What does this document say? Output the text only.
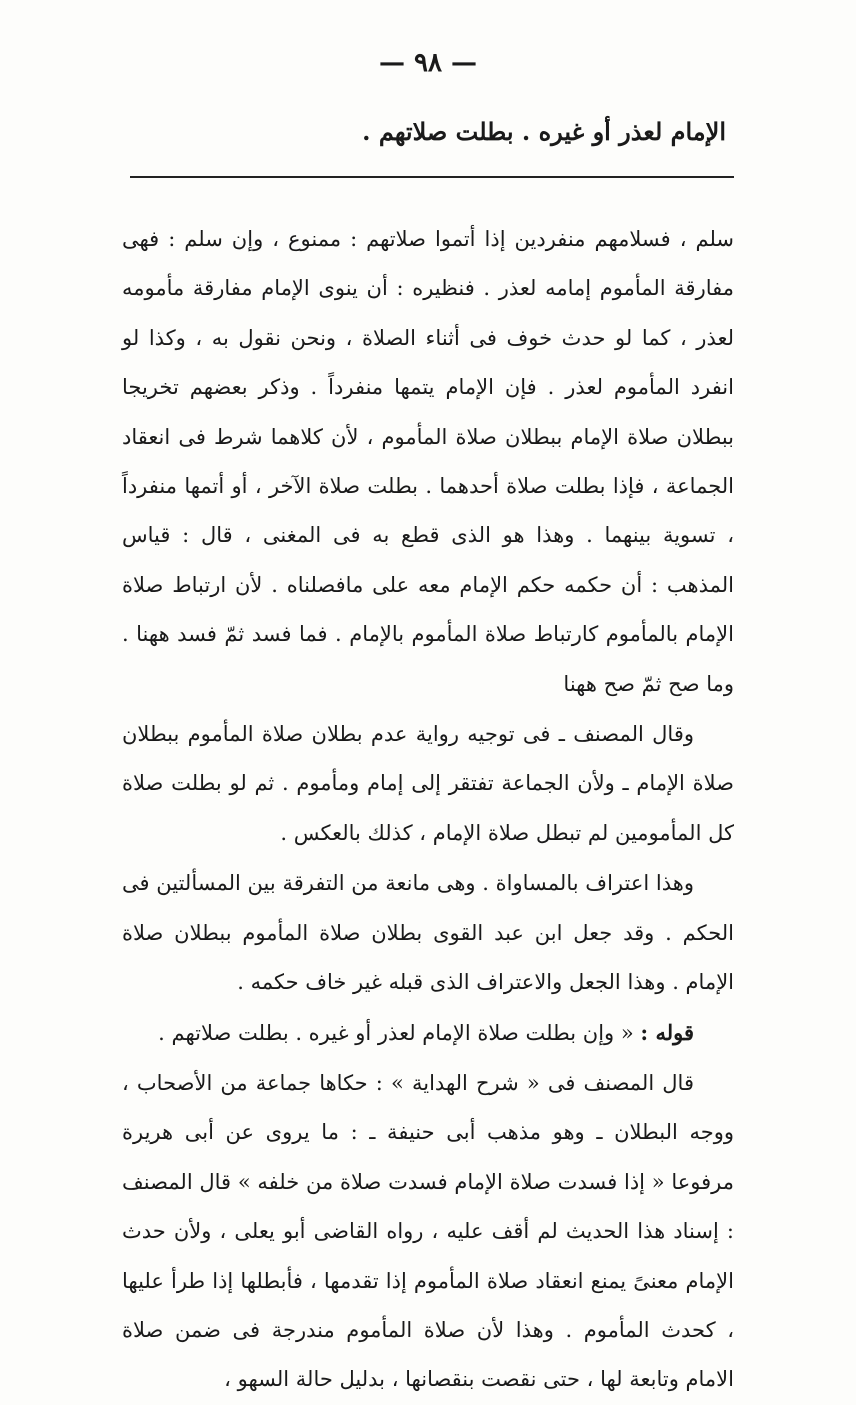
— ٩٨ —
الإمام لعذر أو غيره . بطلت صلاتهم .

سلم ، فسلامهم منفردين إذا أتموا صلاتهم : ممنوع ، وإن سلم : فهى مفارقة المأموم إمامه لعذر . فنظيره : أن ينوى الإمام مفارقة مأمومه لعذر ، كما لو حدث خوف فى أثناء الصلاة ، ونحن نقول به ، وكذا لو انفرد المأموم لعذر . فإن الإمام يتمها منفرداً . وذكر بعضهم تخريجا ببطلان صلاة الإمام ببطلان صلاة المأموم ، لأن كلاهما شرط فى انعقاد الجماعة ، فإذا بطلت صلاة أحدهما . بطلت صلاة الآخر ، أو أتمها منفرداً ، تسوية بينهما . وهذا هو الذى قطع به فى المغنى ، قال : قياس المذهب : أن حكمه حكم الإمام معه على مافصلناه . لأن ارتباط صلاة الإمام بالمأموم كارتباط صلاة المأموم بالإمام . فما فسد ثمّ فسد ههنا . وما صح ثمّ صح ههنا

وقال المصنف ـ فى توجيه رواية عدم بطلان صلاة المأموم ببطلان صلاة الإمام ـ ولأن الجماعة تفتقر إلى إمام ومأموم . ثم لو بطلت صلاة كل المأمومين لم تبطل صلاة الإمام ، كذلك بالعكس .

وهذا اعتراف بالمساواة . وهى مانعة من التفرقة بين المسألتين فى الحكم . وقد جعل ابن عبد القوى بطلان صلاة المأموم ببطلان صلاة الإمام . وهذا الجعل والاعتراف الذى قبله غير خاف حكمه .

قوله : « وإن بطلت صلاة الإمام لعذر أو غيره . بطلت صلاتهم .

قال المصنف فى « شرح الهداية » : حكاها جماعة من الأصحاب ، ووجه البطلان ـ وهو مذهب أبى حنيفة ـ : ما يروى عن أبى هريرة مرفوعا « إذا فسدت صلاة الإمام فسدت صلاة من خلفه » قال المصنف : إسناد هذا الحديث لم أقف عليه ، رواه القاضى أبو يعلى ، ولأن حدث الإمام معنىً يمنع انعقاد صلاة المأموم إذا تقدمها ، فأبطلها إذا طرأ عليها ، كحدث المأموم . وهذا لأن صلاة المأموم مندرجة فى ضمن صلاة الامام وتابعة لها ، حتى نقصت بنقصانها ، بدليل حالة السهو ،
